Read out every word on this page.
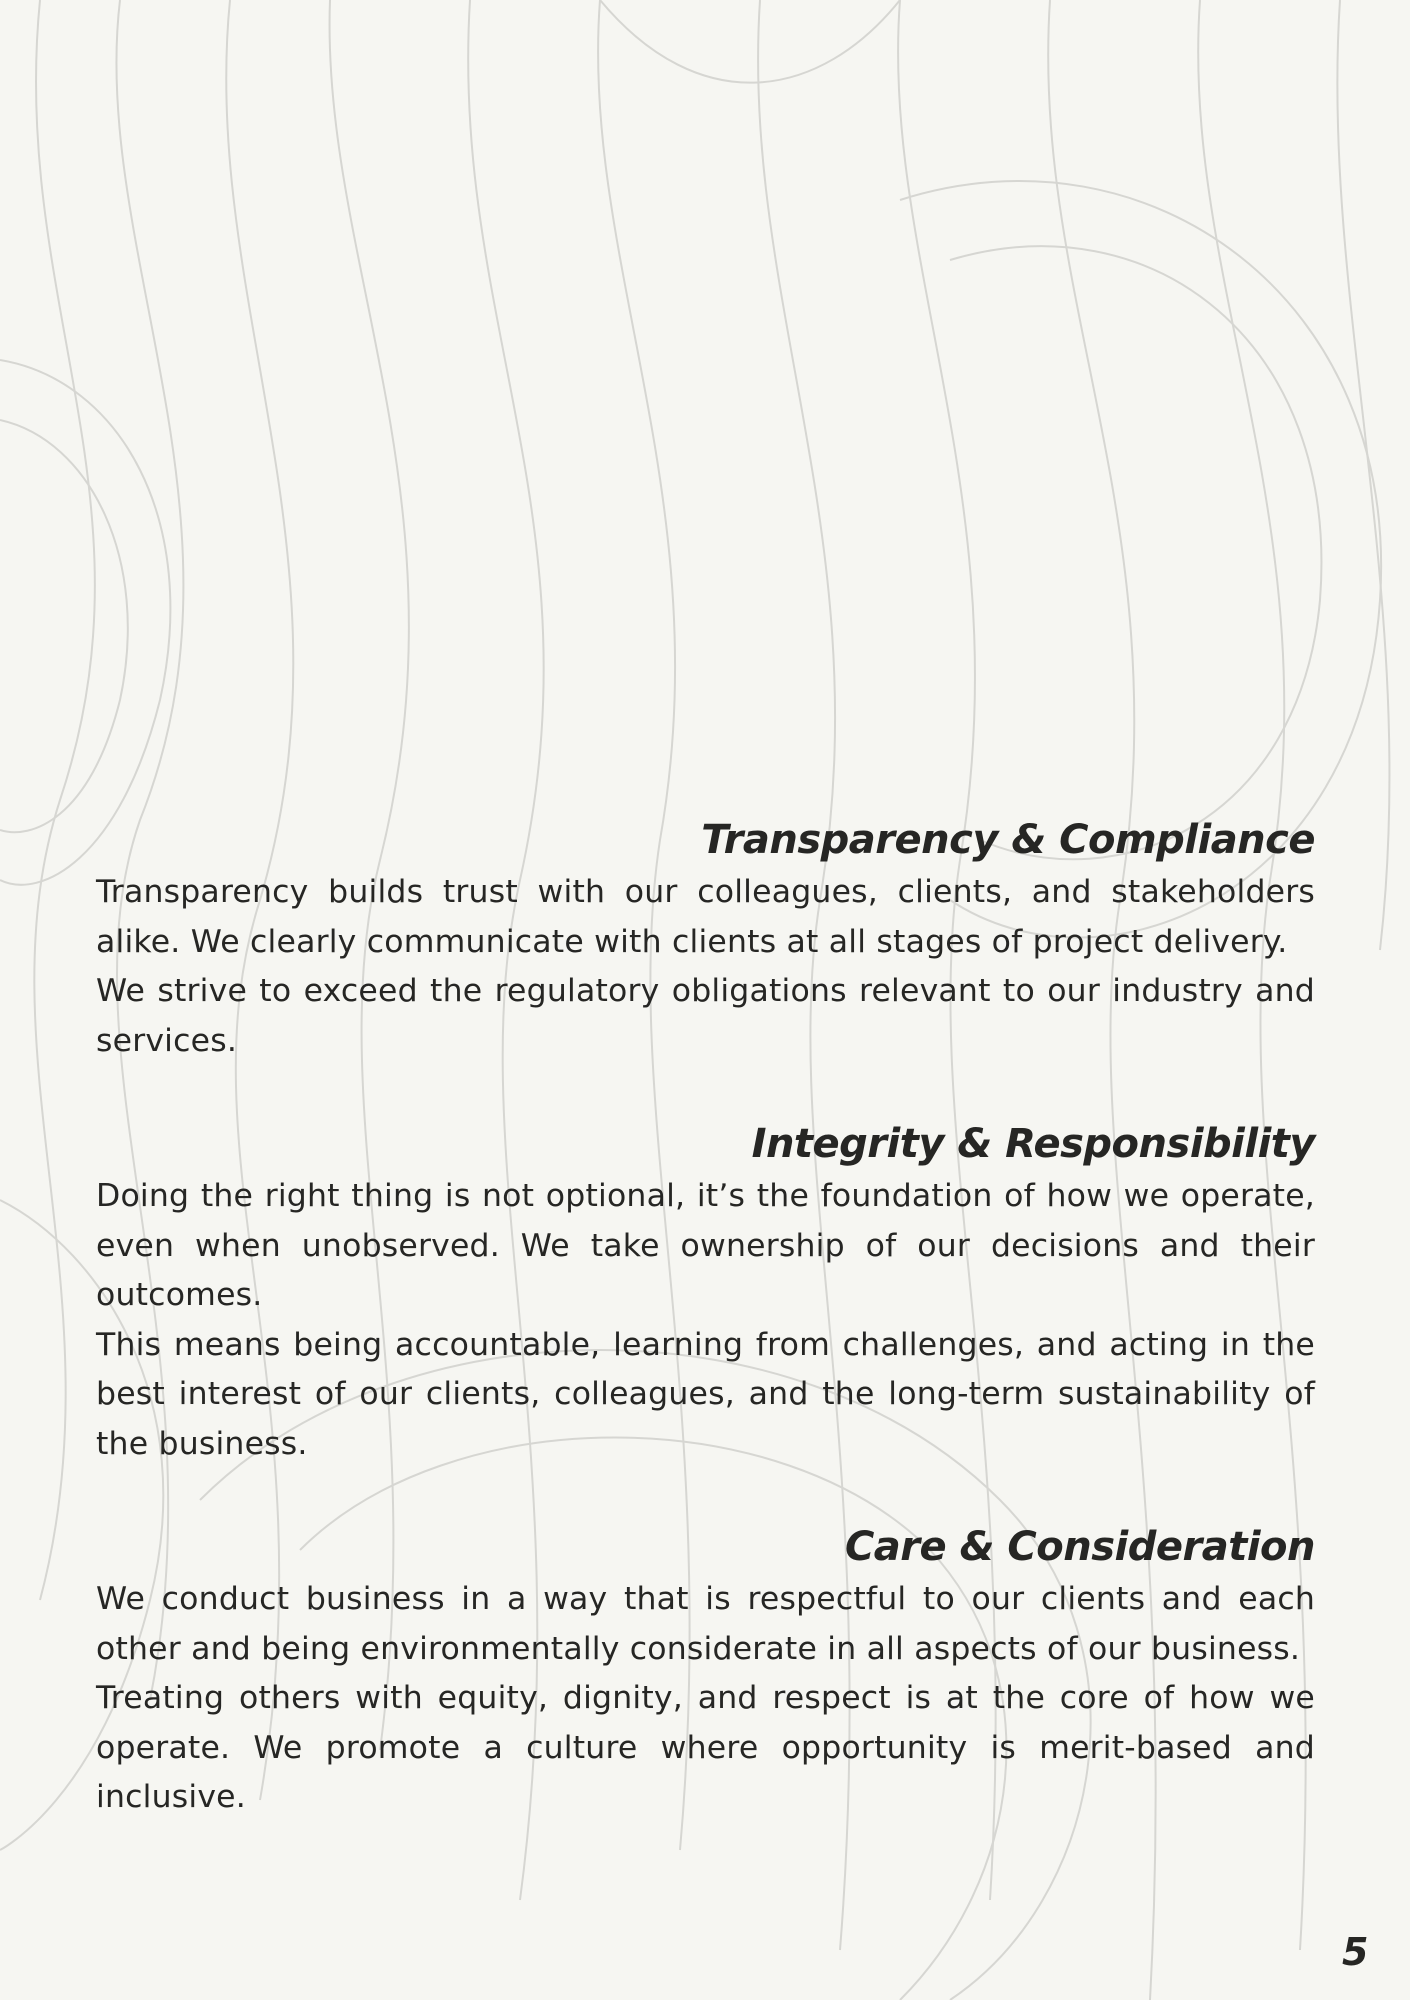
Transparency & Compliance

Transparency builds trust with our colleagues, clients, and stakeholders alike. We clearly communicate with clients at all stages of project delivery.

We strive to exceed the regulatory obligations relevant to our industry and services.

Integrity & Responsibility

Doing the right thing is not optional, it’s the foundation of how we operate, even when unobserved. We take ownership of our decisions and their outcomes.

This means being accountable, learning from challenges, and acting in the best interest of our clients, colleagues, and the long-term sustainability of the business.

Care & Consideration

We conduct business in a way that is respectful to our clients and each other and being environmentally considerate in all aspects of our business.

Treating others with equity, dignity, and respect is at the core of how we operate. We promote a culture where opportunity is merit-based and inclusive.

5
